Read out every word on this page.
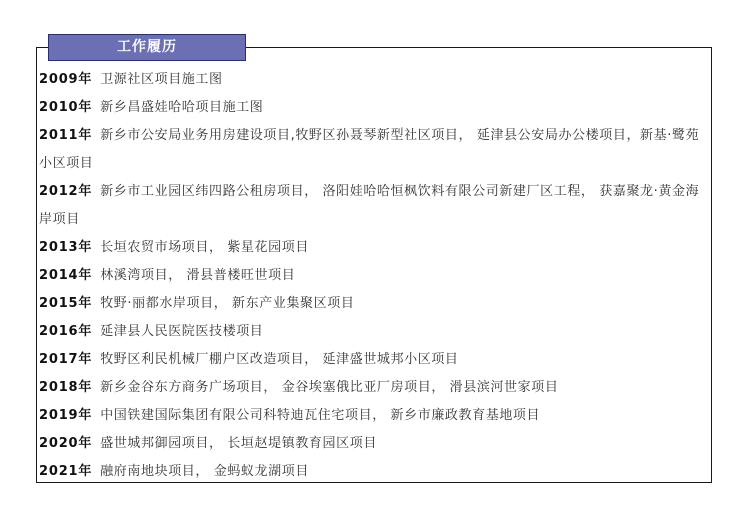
工作履历
2009年 卫源社区项目施工图
2010年 新乡昌盛娃哈哈项目施工图
2011年 新乡市公安局业务用房建设项目,牧野区孙聂琴新型社区项目， 延津县公安局办公楼项目，新基·鹭苑小区项目
2012年 新乡市工业园区纬四路公租房项目， 洛阳娃哈哈恒枫饮料有限公司新建厂区工程， 获嘉聚龙·黄金海岸项目
2013年 长垣农贸市场项目， 紫星花园项目
2014年 林溪湾项目， 滑县普楼旺世项目
2015年 牧野·丽都水岸项目， 新东产业集聚区项目
2016年 延津县人民医院医技楼项目
2017年 牧野区利民机械厂棚户区改造项目， 延津盛世城邦小区项目
2018年 新乡金谷东方商务广场项目， 金谷埃塞俄比亚厂房项目， 滑县滨河世家项目
2019年 中国铁建国际集团有限公司科特迪瓦住宅项目， 新乡市廉政教育基地项目
2020年 盛世城邦御园项目， 长垣赵堤镇教育园区项目
2021年 融府南地块项目， 金蚂蚁龙湖项目
